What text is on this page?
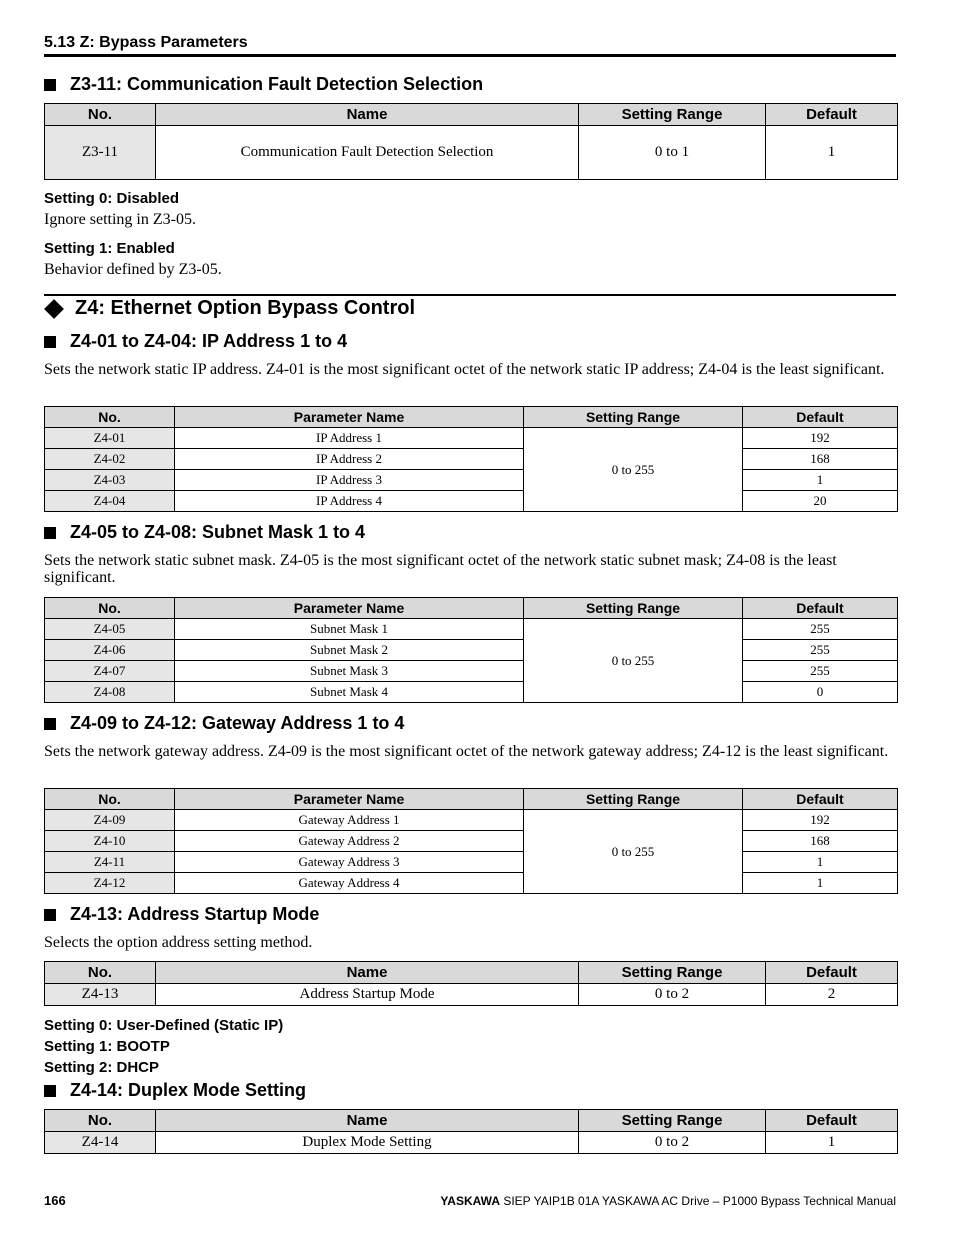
5.13 Z: Bypass Parameters
Z3-11: Communication Fault Detection Selection
No.	Name	Setting Range	Default
Z3-11	Communication Fault Detection Selection	0 to 1	1
Setting 0: Disabled
Ignore setting in Z3-05.
Setting 1: Enabled
Behavior defined by Z3-05.
Z4: Ethernet Option Bypass Control
Z4-01 to Z4-04: IP Address 1 to 4
Sets the network static IP address. Z4-01 is the most significant octet of the network static IP address; Z4-04 is the least significant.
No.	Parameter Name	Setting Range	Default
Z4-01	IP Address 1	0 to 255	192
Z4-02	IP Address 2		168
Z4-03	IP Address 3		1
Z4-04	IP Address 4		20
Z4-05 to Z4-08: Subnet Mask 1 to 4
Sets the network static subnet mask. Z4-05 is the most significant octet of the network static subnet mask; Z4-08 is the least significant.
No.	Parameter Name	Setting Range	Default
Z4-05	Subnet Mask 1	0 to 255	255
Z4-06	Subnet Mask 2		255
Z4-07	Subnet Mask 3		255
Z4-08	Subnet Mask 4		0
Z4-09 to Z4-12: Gateway Address 1 to 4
Sets the network gateway address. Z4-09 is the most significant octet of the network gateway address; Z4-12 is the least significant.
No.	Parameter Name	Setting Range	Default
Z4-09	Gateway Address 1	0 to 255	192
Z4-10	Gateway Address 2		168
Z4-11	Gateway Address 3		1
Z4-12	Gateway Address 4		1
Z4-13: Address Startup Mode
Selects the option address setting method.
No.	Name	Setting Range	Default
Z4-13	Address Startup Mode	0 to 2	2
Setting 0: User-Defined (Static IP)
Setting 1: BOOTP
Setting 2: DHCP
Z4-14: Duplex Mode Setting
No.	Name	Setting Range	Default
Z4-14	Duplex Mode Setting	0 to 2	1
166	YASKAWA SIEP YAIP1B 01A YASKAWA AC Drive – P1000 Bypass Technical Manual
